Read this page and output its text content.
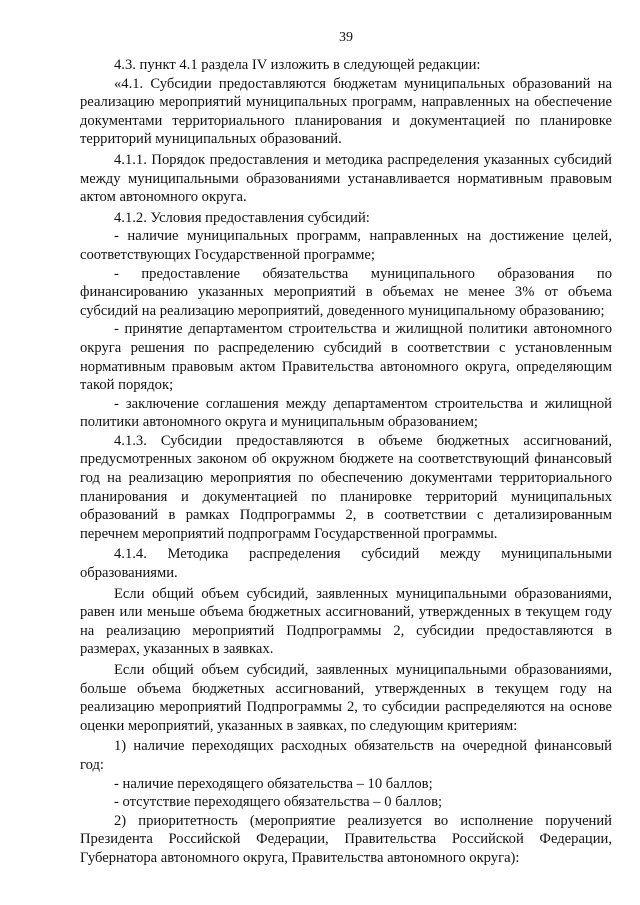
39

4.3. пункт 4.1 раздела IV изложить в следующей редакции:

«4.1. Субсидии предоставляются бюджетам муниципальных образований на реализацию мероприятий муниципальных программ, направленных на обеспечение документами территориального планирования и документацией по планировке территорий муниципальных образований.

4.1.1. Порядок предоставления и методика распределения указанных субсидий между муниципальными образованиями устанавливается нормативным правовым актом автономного округа.

4.1.2. Условия предоставления субсидий:

- наличие муниципальных программ, направленных на достижение целей, соответствующих Государственной программе;

- предоставление обязательства муниципального образования по финансированию указанных мероприятий в объемах не менее 3% от объема субсидий на реализацию мероприятий, доведенного муниципальному образованию;

- принятие департаментом строительства и жилищной политики автономного округа решения по распределению субсидий в соответствии с установленным нормативным правовым актом Правительства автономного округа, определяющим такой порядок;

- заключение соглашения между департаментом строительства и жилищной политики автономного округа и муниципальным образованием;

4.1.3. Субсидии предоставляются в объеме бюджетных ассигнований, предусмотренных законом об окружном бюджете на соответствующий финансовый год на реализацию мероприятия по обеспечению документами территориального планирования и документацией по планировке территорий муниципальных образований в рамках Подпрограммы 2, в соответствии с детализированным перечнем мероприятий подпрограмм Государственной программы.

4.1.4. Методика распределения субсидий между муниципальными образованиями.

Если общий объем субсидий, заявленных муниципальными образованиями, равен или меньше объема бюджетных ассигнований, утвержденных в текущем году на реализацию мероприятий Подпрограммы 2, субсидии предоставляются в размерах, указанных в заявках.

Если общий объем субсидий, заявленных муниципальными образованиями, больше объема бюджетных ассигнований, утвержденных в текущем году на реализацию мероприятий Подпрограммы 2, то субсидии распределяются на основе оценки мероприятий, указанных в заявках, по следующим критериям:

1) наличие переходящих расходных обязательств на очередной финансовый год:

- наличие переходящего обязательства – 10 баллов;

- отсутствие переходящего обязательства – 0 баллов;

2) приоритетность (мероприятие реализуется во исполнение поручений Президента Российской Федерации, Правительства Российской Федерации, Губернатора автономного округа, Правительства автономного округа):
